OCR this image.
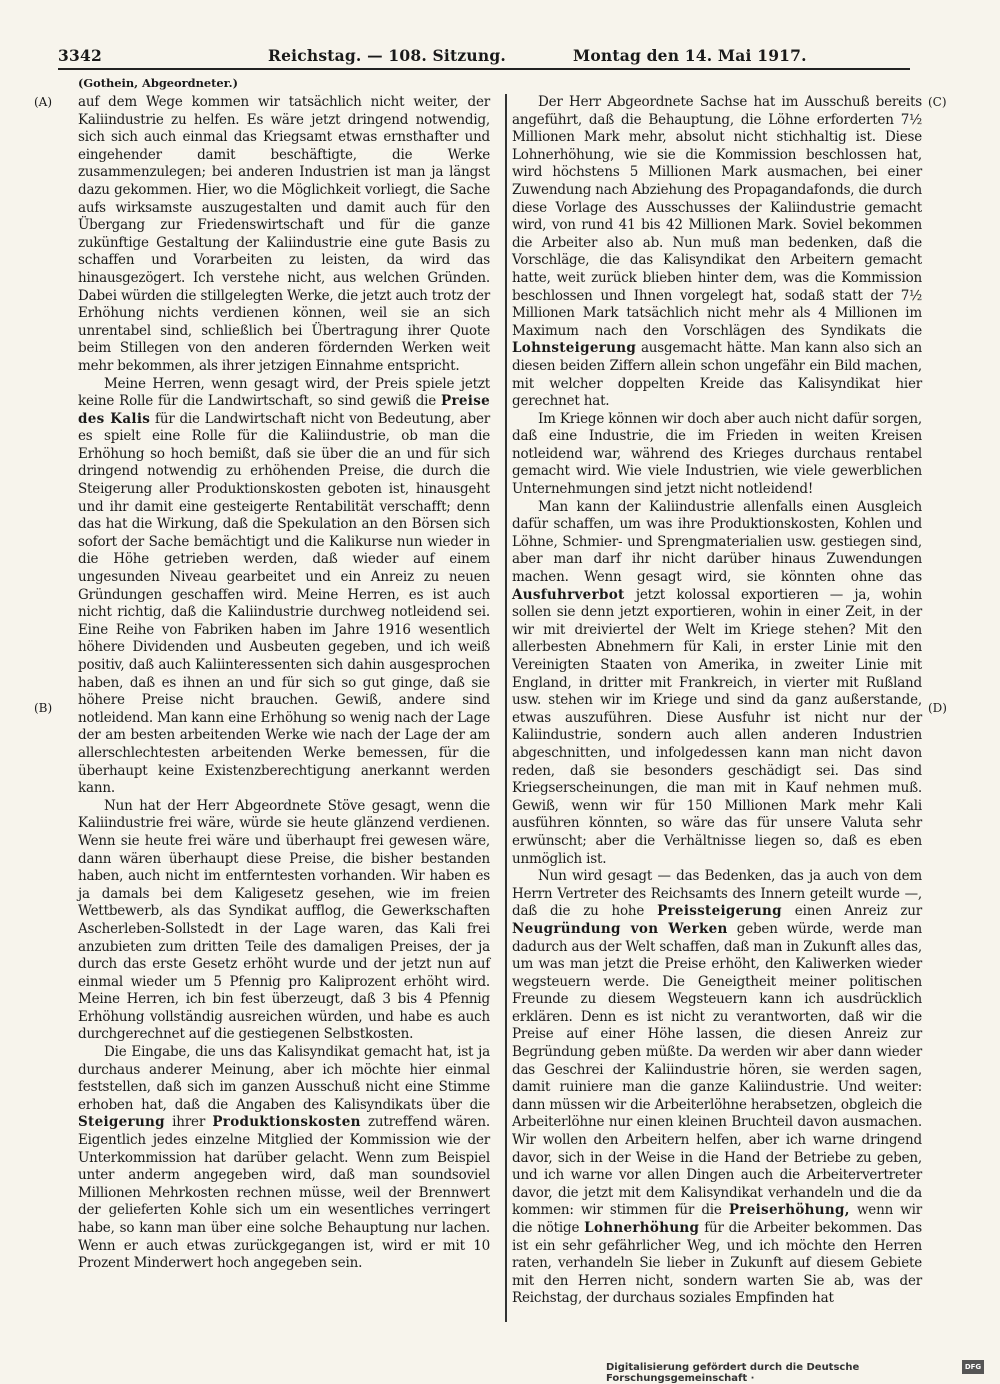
3342	Reichstag. — 108. Sitzung.	Montag den 14. Mai 1917.
(Gothein, Abgeordneter.)
(A)
(B)
(C)
(D)

auf dem Wege kommen wir tatsächlich nicht weiter, der Kaliindustrie zu helfen. Es wäre jetzt dringend notwendig, sich sich auch einmal das Kriegsamt etwas ernsthafter und eingehender damit beschäftigte, die Werke zusammenzulegen; bei anderen Industrien ist man ja längst dazu gekommen. Hier, wo die Möglichkeit vorliegt, die Sache aufs wirksamste auszugestalten und damit auch für den Übergang zur Friedenswirtschaft und für die ganze zukünftige Gestaltung der Kaliindustrie eine gute Basis zu schaffen und Vorarbeiten zu leisten, da wird das hinausgezögert. Ich verstehe nicht, aus welchen Gründen. Dabei würden die stillgelegten Werke, die jetzt auch trotz der Erhöhung nichts verdienen können, weil sie an sich unrentabel sind, schließlich bei Übertragung ihrer Quote beim Stillegen von den anderen fördernden Werken weit mehr bekommen, als ihrer jetzigen Einnahme entspricht.

Meine Herren, wenn gesagt wird, der Preis spiele jetzt keine Rolle für die Landwirtschaft, so sind gewiß die Preise des Kalis für die Landwirtschaft nicht von Bedeutung, aber es spielt eine Rolle für die Kaliindustrie, ob man die Erhöhung so hoch bemißt, daß sie über die an und für sich dringend notwendig zu erhöhenden Preise, die durch die Steigerung aller Produktionskosten geboten ist, hinausgeht und ihr damit eine gesteigerte Rentabilität verschafft; denn das hat die Wirkung, daß die Spekulation an den Börsen sich sofort der Sache bemächtigt und die Kalikurse nun wieder in die Höhe getrieben werden, daß wieder auf einem ungesunden Niveau gearbeitet und ein Anreiz zu neuen Gründungen geschaffen wird. Meine Herren, es ist auch nicht richtig, daß die Kaliindustrie durchweg notleidend sei. Eine Reihe von Fabriken haben im Jahre 1916 wesentlich höhere Dividenden und Ausbeuten gegeben, und ich weiß positiv, daß auch Kaliinteressenten sich dahin ausgesprochen haben, daß es ihnen an und für sich so gut ginge, daß sie höhere Preise nicht brauchen. Gewiß, andere sind notleidend. Man kann eine Erhöhung so wenig nach der Lage der am besten arbeitenden Werke wie nach der Lage der am allerschlechtesten arbeitenden Werke bemessen, für die überhaupt keine Existenzberechtigung anerkannt werden kann.

Nun hat der Herr Abgeordnete Stöve gesagt, wenn die Kaliindustrie frei wäre, würde sie heute glänzend verdienen. Wenn sie heute frei wäre und überhaupt frei gewesen wäre, dann wären überhaupt diese Preise, die bisher bestanden haben, auch nicht im entferntesten vorhanden. Wir haben es ja damals bei dem Kaligesetz gesehen, wie im freien Wettbewerb, als das Syndikat aufflog, die Gewerkschaften Ascherleben-Sollstedt in der Lage waren, das Kali frei anzubieten zum dritten Teile des damaligen Preises, der ja durch das erste Gesetz erhöht wurde und der jetzt nun auf einmal wieder um 5 Pfennig pro Kaliprozent erhöht wird. Meine Herren, ich bin fest überzeugt, daß 3 bis 4 Pfennig Erhöhung vollständig ausreichen würden, und habe es auch durchgerechnet auf die gestiegenen Selbstkosten.

Die Eingabe, die uns das Kalisyndikat gemacht hat, ist ja durchaus anderer Meinung, aber ich möchte hier einmal feststellen, daß sich im ganzen Ausschuß nicht eine Stimme erhoben hat, daß die Angaben des Kalisyndikats über die Steigerung ihrer Produktionskosten zutreffend wären. Eigentlich jedes einzelne Mitglied der Kommission wie der Unterkommission hat darüber gelacht. Wenn zum Beispiel unter anderm angegeben wird, daß man soundsoviel Millionen Mehrkosten rechnen müsse, weil der Brennwert der gelieferten Kohle sich um ein wesentliches verringert habe, so kann man über eine solche Behauptung nur lachen. Wenn er auch etwas zurückgegangen ist, wird er mit 10 Prozent Minderwert hoch angegeben sein.

Der Herr Abgeordnete Sachse hat im Ausschuß bereits angeführt, daß die Behauptung, die Löhne erforderten 7½ Millionen Mark mehr, absolut nicht stichhaltig ist. Diese Lohnerhöhung, wie sie die Kommission beschlossen hat, wird höchstens 5 Millionen Mark ausmachen, bei einer Zuwendung nach Abziehung des Propagandafonds, die durch diese Vorlage des Ausschusses der Kaliindustrie gemacht wird, von rund 41 bis 42 Millionen Mark. Soviel bekommen die Arbeiter also ab. Nun muß man bedenken, daß die Vorschläge, die das Kalisyndikat den Arbeitern gemacht hatte, weit zurück blieben hinter dem, was die Kommission beschlossen und Ihnen vorgelegt hat, sodaß statt der 7½ Millionen Mark tatsächlich nicht mehr als 4 Millionen im Maximum nach den Vorschlägen des Syndikats die Lohnsteigerung ausgemacht hätte. Man kann also sich an diesen beiden Ziffern allein schon ungefähr ein Bild machen, mit welcher doppelten Kreide das Kalisyndikat hier gerechnet hat.

Im Kriege können wir doch aber auch nicht dafür sorgen, daß eine Industrie, die im Frieden in weiten Kreisen notleidend war, während des Krieges durchaus rentabel gemacht wird. Wie viele Industrien, wie viele gewerblichen Unternehmungen sind jetzt nicht notleidend!

Man kann der Kaliindustrie allenfalls einen Ausgleich dafür schaffen, um was ihre Produktionskosten, Kohlen und Löhne, Schmier- und Sprengmaterialien usw. gestiegen sind, aber man darf ihr nicht darüber hinaus Zuwendungen machen. Wenn gesagt wird, sie könnten ohne das Ausfuhrverbot jetzt kolossal exportieren — ja, wohin sollen sie denn jetzt exportieren, wohin in einer Zeit, in der wir mit dreiviertel der Welt im Kriege stehen? Mit den allerbesten Abnehmern für Kali, in erster Linie mit den Vereinigten Staaten von Amerika, in zweiter Linie mit England, in dritter mit Frankreich, in vierter mit Rußland usw. stehen wir im Kriege und sind da ganz außerstande, etwas auszuführen. Diese Ausfuhr ist nicht nur der Kaliindustrie, sondern auch allen anderen Industrien abgeschnitten, und infolgedessen kann man nicht davon reden, daß sie besonders geschädigt sei. Das sind Kriegserscheinungen, die man mit in Kauf nehmen muß. Gewiß, wenn wir für 150 Millionen Mark mehr Kali ausführen könnten, so wäre das für unsere Valuta sehr erwünscht; aber die Verhältnisse liegen so, daß es eben unmöglich ist.

Nun wird gesagt — das Bedenken, das ja auch von dem Herrn Vertreter des Reichsamts des Innern geteilt wurde —, daß die zu hohe Preissteigerung einen Anreiz zur Neugründung von Werken geben würde, werde man dadurch aus der Welt schaffen, daß man in Zukunft alles das, um was man jetzt die Preise erhöht, den Kaliwerken wieder wegsteuern werde. Die Geneigtheit meiner politischen Freunde zu diesem Wegsteuern kann ich ausdrücklich erklären. Denn es ist nicht zu verantworten, daß wir die Preise auf einer Höhe lassen, die diesen Anreiz zur Begründung geben müßte. Da werden wir aber dann wieder das Geschrei der Kaliindustrie hören, sie werden sagen, damit ruiniere man die ganze Kaliindustrie. Und weiter: dann müssen wir die Arbeiterlöhne herabsetzen, obgleich die Arbeiterlöhne nur einen kleinen Bruchteil davon ausmachen. Wir wollen den Arbeitern helfen, aber ich warne dringend davor, sich in der Weise in die Hand der Betriebe zu geben, und ich warne vor allen Dingen auch die Arbeitervertreter davor, die jetzt mit dem Kalisyndikat verhandeln und die da kommen: wir stimmen für die Preiserhöhung, wenn wir die nötige Lohnerhöhung für die Arbeiter bekommen. Das ist ein sehr gefährlicher Weg, und ich möchte den Herren raten, verhandeln Sie lieber in Zukunft auf diesem Gebiete mit den Herren nicht, sondern warten Sie ab, was der Reichstag, der durchaus soziales Empfinden hat

Digitalisierung gefördert durch die Deutsche Forschungsgemeinschaft ·
DFG
